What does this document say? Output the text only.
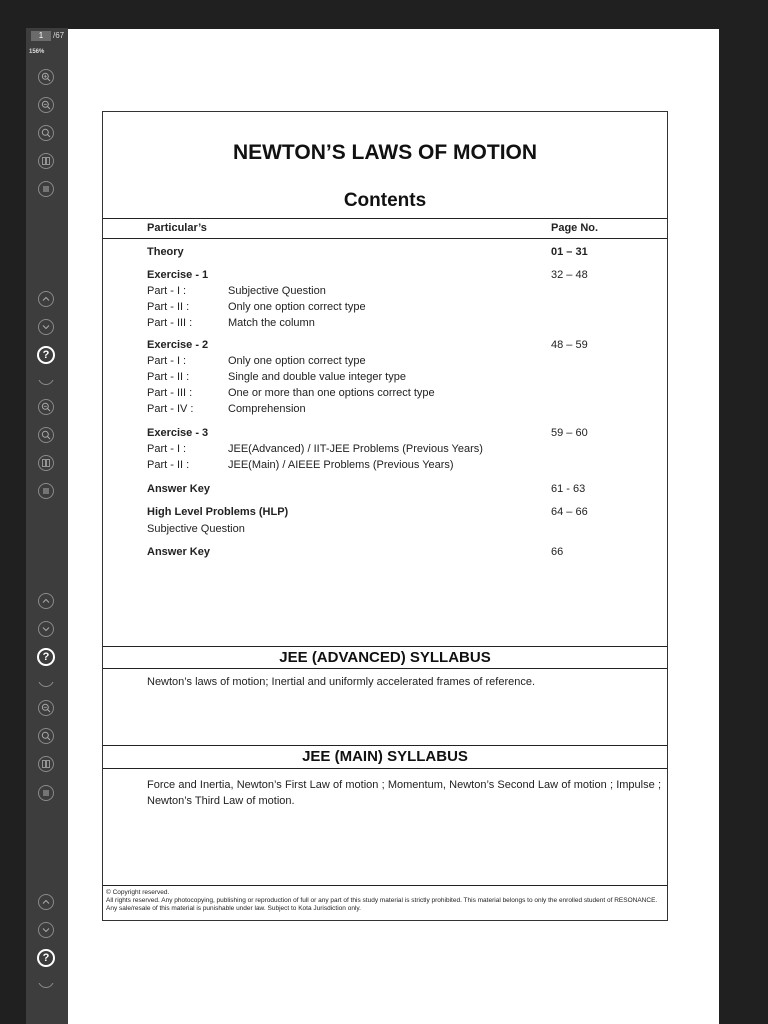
1	/67
156%
?
?
?
NEWTON’S LAWS OF MOTION
Contents
Particular’s	Page No.
Theory	01 – 31
Exercise - 1	32 – 48
Part - I :	Subjective Question
Part - II :	Only one option correct type
Part - III :	Match the column
Exercise - 2	48 – 59
Part - I :	Only one option correct type
Part - II :	Single and double value integer type
Part - III :	One or more than one options correct type
Part - IV :	Comprehension
Exercise - 3	59 – 60
Part - I :	JEE(Advanced) / IIT-JEE Problems (Previous Years)
Part - II :	JEE(Main) / AIEEE Problems (Previous Years)
Answer Key	61 - 63
High Level Problems (HLP)	64 – 66
Subjective Question
Answer Key	66
JEE (ADVANCED) SYLLABUS
Newton’s laws of motion; Inertial and uniformly accelerated frames of reference.
JEE (MAIN) SYLLABUS
Force and Inertia, Newton’s First Law of motion ; Momentum, Newton’s Second Law of motion ; Impulse ; Newton’s Third Law of motion.
© Copyright reserved.
All rights reserved. Any photocopying, publishing or reproduction of full or any part of this study material is strictly prohibited. This material belongs to only the enrolled student of RESONANCE. Any sale/resale of this material is punishable under law. Subject to Kota Jurisdiction only.
